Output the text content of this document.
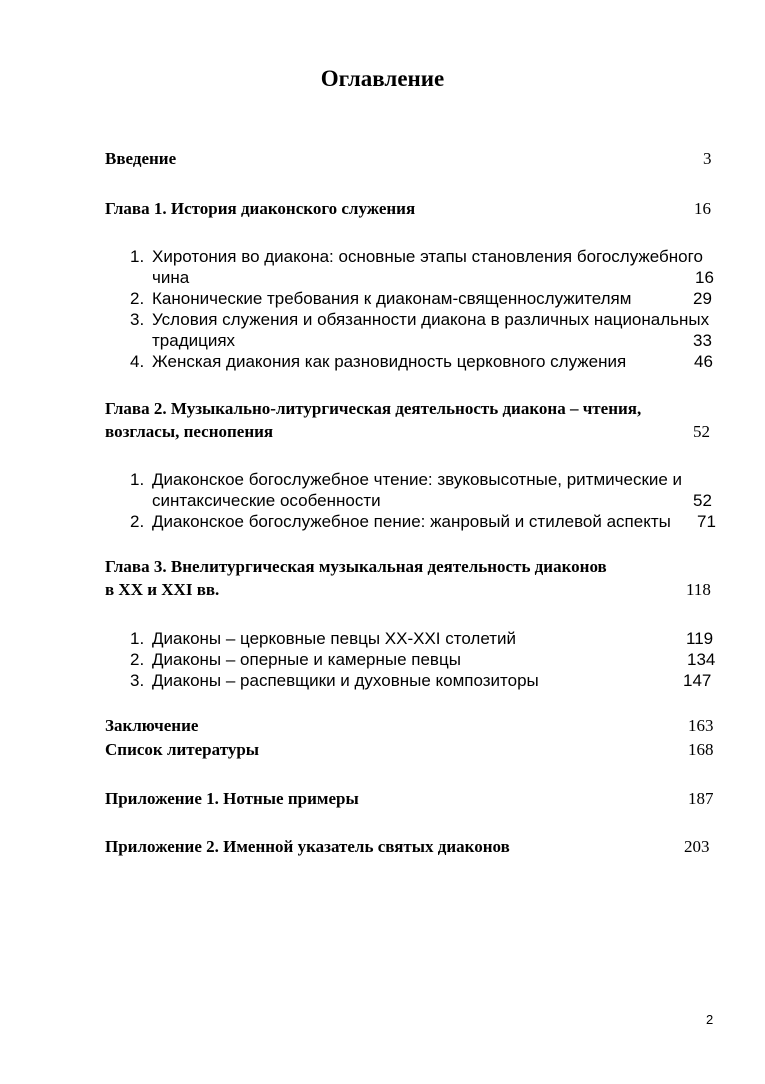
Оглавление
Введение	3
Глава 1. История диаконского служения	16
1. Хиротония во диакона: основные этапы становления богослужебного
чина	16
2. Канонические требования к диаконам-священнослужителям	29
3. Условия служения и обязанности диакона в различных национальных
традициях	33
4. Женская диакония как разновидность церковного служения	46
Глава 2. Музыкально-литургическая деятельность диакона – чтения,
возгласы, песнопения	52
1. Диаконское богослужебное чтение: звуковысотные, ритмические и
синтаксические особенности	52
2. Диаконское богослужебное пение: жанровый и стилевой аспекты 71
Глава 3. Внелитургическая музыкальная деятельность диаконов
в XX и XXI вв.	118
1. Диаконы – церковные певцы XX-XXI столетий	119
2. Диаконы – оперные и камерные певцы	134
3. Диаконы – распевщики и духовные композиторы	147
Заключение	163
Список литературы	168
Приложение 1. Нотные примеры	187
Приложение 2. Именной указатель святых диаконов	203
2
